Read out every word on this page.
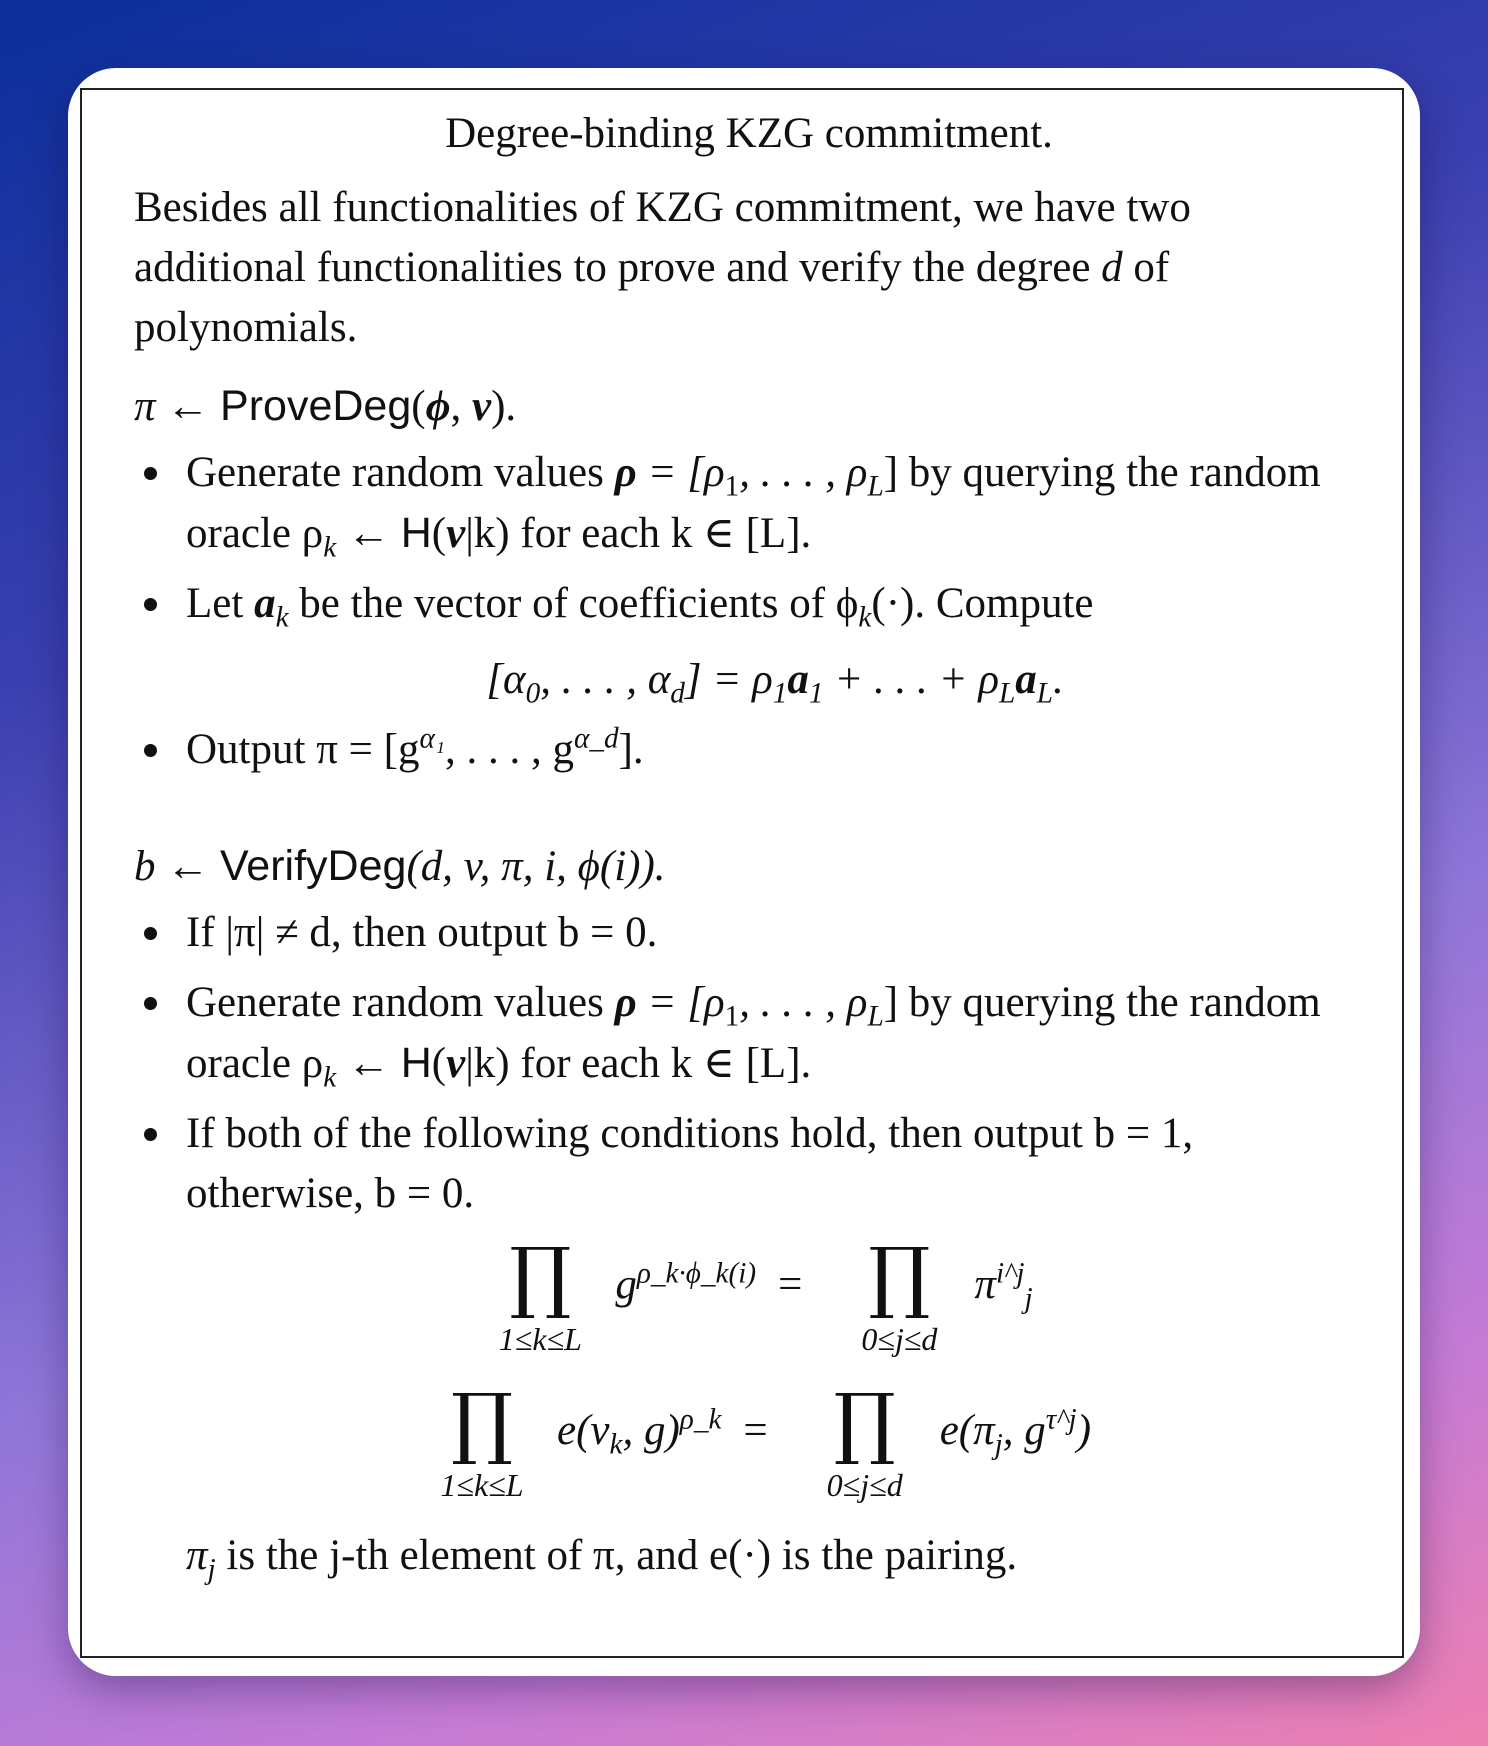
Degree-binding KZG commitment.

Besides all functionalities of KZG commitment, we have two additional functionalities to prove and verify the degree d of polynomials.

π ← ProveDeg(ϕ, v).

Generate random values $\rho = [\rho_1$, . . . , $\rho_L$] by querying the random oracle $\rho_k$ ← H(v|k) for each k ∈ [L].
Let $a_k$ be the vector of coefficients of $\phi_k(\cdot)$. Compute
[$\alpha_0$, . . . , $\alpha_d] = \rho_1a_1$ + . . . + $\rho_La_L$.
Output $\pi = [g^{\alpha_1}$, . . . , $g^{\alpha\_d}$].

b ← VerifyDeg(d, v, π, i, ϕ(i)).

If |π| ≠ d, then output b = 0.
Generate random values $\rho = [\rho_1$, . . . , $\rho_L$] by querying the random oracle $\rho_k$ ← H(v|k) for each k ∈ [L].
If both of the following conditions hold, then output b = 1, otherwise, b = 0.
∏
1≤k≤L
$g^{\rho\_k\cdot\phi\_k(i)}$ = ∏
0≤j≤d
$\pi^{i\^{}j}_j$
∏
1≤k≤L
$e(v_k$, g)$^{\rho\_k}$ = ∏
0≤j≤d
$e(\pi_j$, $g^{\tau\^{}j}$)

$\pi_j$ is the j-th element of π, and e(·) is the pairing.
